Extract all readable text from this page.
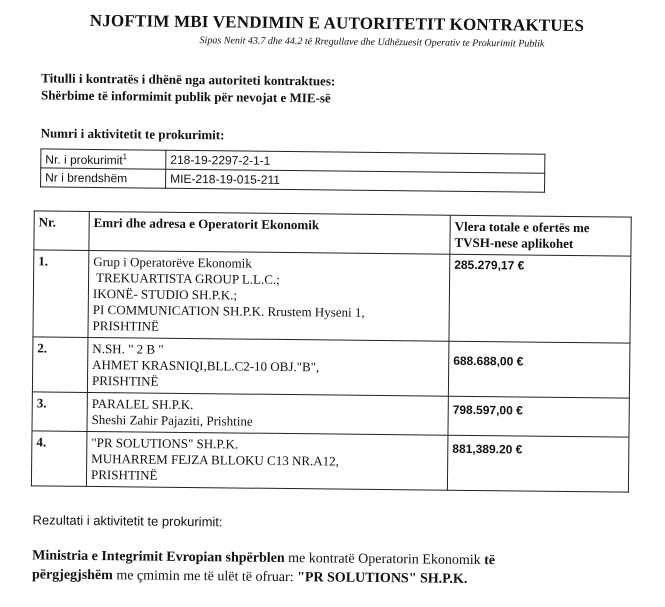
NJOFTIM MBI VENDIMIN E AUTORITETIT KONTRAKTUES
Sipas Nenit 43.7 dhe 44.2 të Rregullave dhe Udhëzuesit Operativ te Prokurimit Publik
Titulli i kontratës i dhënë nga autoriteti kontraktues:
Shërbime të informimit publik për nevojat e MIE-së
Numri i aktivitetit te prokurimit:
Nr. i prokurimit$^1$	218-19-2297-2-1-1
Nr i brendshëm	MIE-218-19-015-211
Nr.	Emri dhe adresa e Operatorit Ekonomik	Vlera totale e ofertës me TVSH-nese aplikohet
1.	Grup i Operatorëve Ekonomik
TREKUARTISTA GROUP L.L.C.;
IKONË- STUDIO SH.P.K.;
PI COMMUNICATION SH.P.K. Rrustem Hyseni 1,
PRISHTINË	285.279,17 €
2.	N.SH. " 2 B "
AHMET KRASNIQI,BLL.C2-10 OBJ."B",
PRISHTINË	688.688,00 €
3.	PARALEL SH.P.K.
Sheshi Zahir Pajaziti, Prishtine	798.597,00 €
4.	"PR SOLUTIONS" SH.P.K.
MUHARREM FEJZA BLLOKU C13 NR.A12,
PRISHTINË	881,389.20 €
Rezultati i aktivitetit te prokurimit:
Ministria e Integrimit Evropian shpërblen me kontratë Operatorin Ekonomik të
përgjegjshëm me çmimin me të ulët të ofruar: "PR SOLUTIONS" SH.P.K.
